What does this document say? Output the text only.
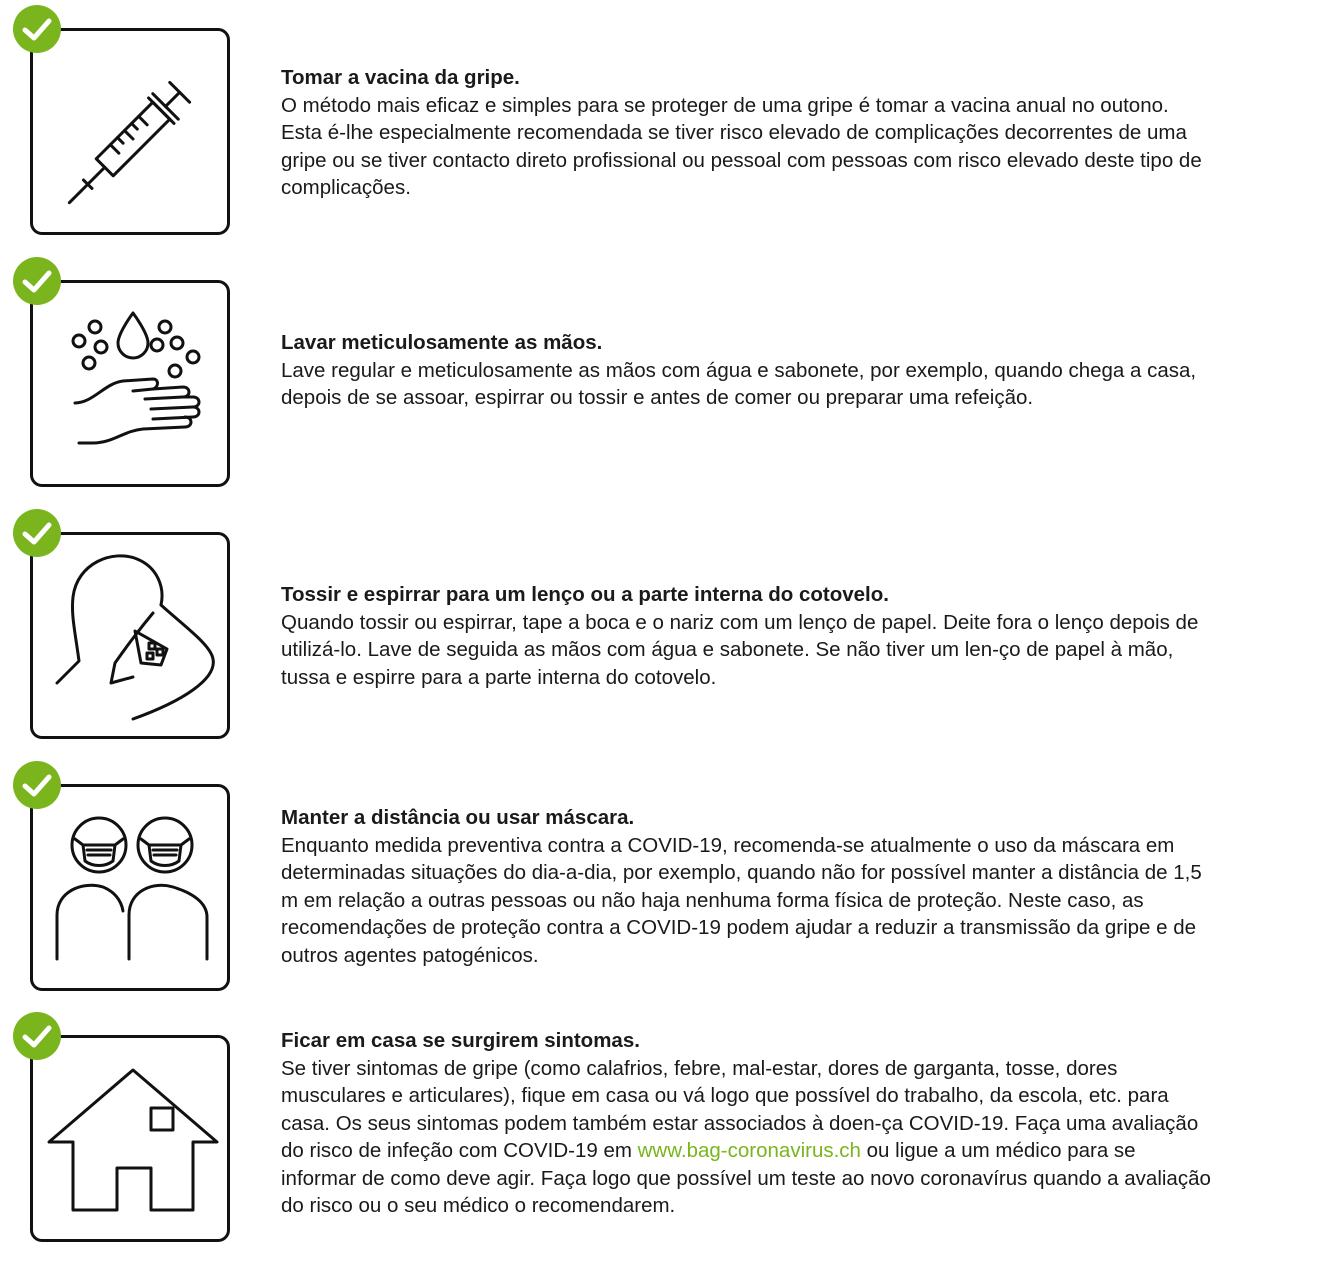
Tomar a vacina da gripe.
O método mais eficaz e simples para se proteger de uma gripe é tomar a vacina anual no outono. Esta é-lhe especialmente recomendada se tiver risco elevado de complicações decorrentes de uma gripe ou se tiver contacto direto profissional ou pessoal com pessoas com risco elevado deste tipo de complicações.
Lavar meticulosamente as mãos.
Lave regular e meticulosamente as mãos com água e sabonete, por exemplo, quando chega a casa, depois de se assoar, espirrar ou tossir e antes de comer ou preparar uma refeição.
Tossir e espirrar para um lenço ou a parte interna do cotovelo.
Quando tossir ou espirrar, tape a boca e o nariz com um lenço de papel. Deite fora o lenço depois de utilizá-lo. Lave de seguida as mãos com água e sabonete. Se não tiver um len-ço de papel à mão, tussa e espirre para a parte interna do cotovelo.
Manter a distância ou usar máscara.
Enquanto medida preventiva contra a COVID-19, recomenda-se atualmente o uso da máscara em determinadas situações do dia-a-dia, por exemplo, quando não for possível manter a distância de 1,5 m em relação a outras pessoas ou não haja nenhuma forma física de proteção. Neste caso, as recomendações de proteção contra a COVID-19 podem ajudar a reduzir a transmissão da gripe e de outros agentes patogénicos.
Ficar em casa se surgirem sintomas.
Se tiver sintomas de gripe (como calafrios, febre, mal-estar, dores de garganta, tosse, dores musculares e articulares), fique em casa ou vá logo que possível do trabalho, da escola, etc. para casa. Os seus sintomas podem também estar associados à doen-ça COVID-19. Faça uma avaliação do risco de infeção com COVID-19 em www.bag-coronavirus.ch ou ligue a um médico para se informar de como deve agir. Faça logo que possível um teste ao novo coronavírus quando a avaliação do risco ou o seu médico o recomendarem.
